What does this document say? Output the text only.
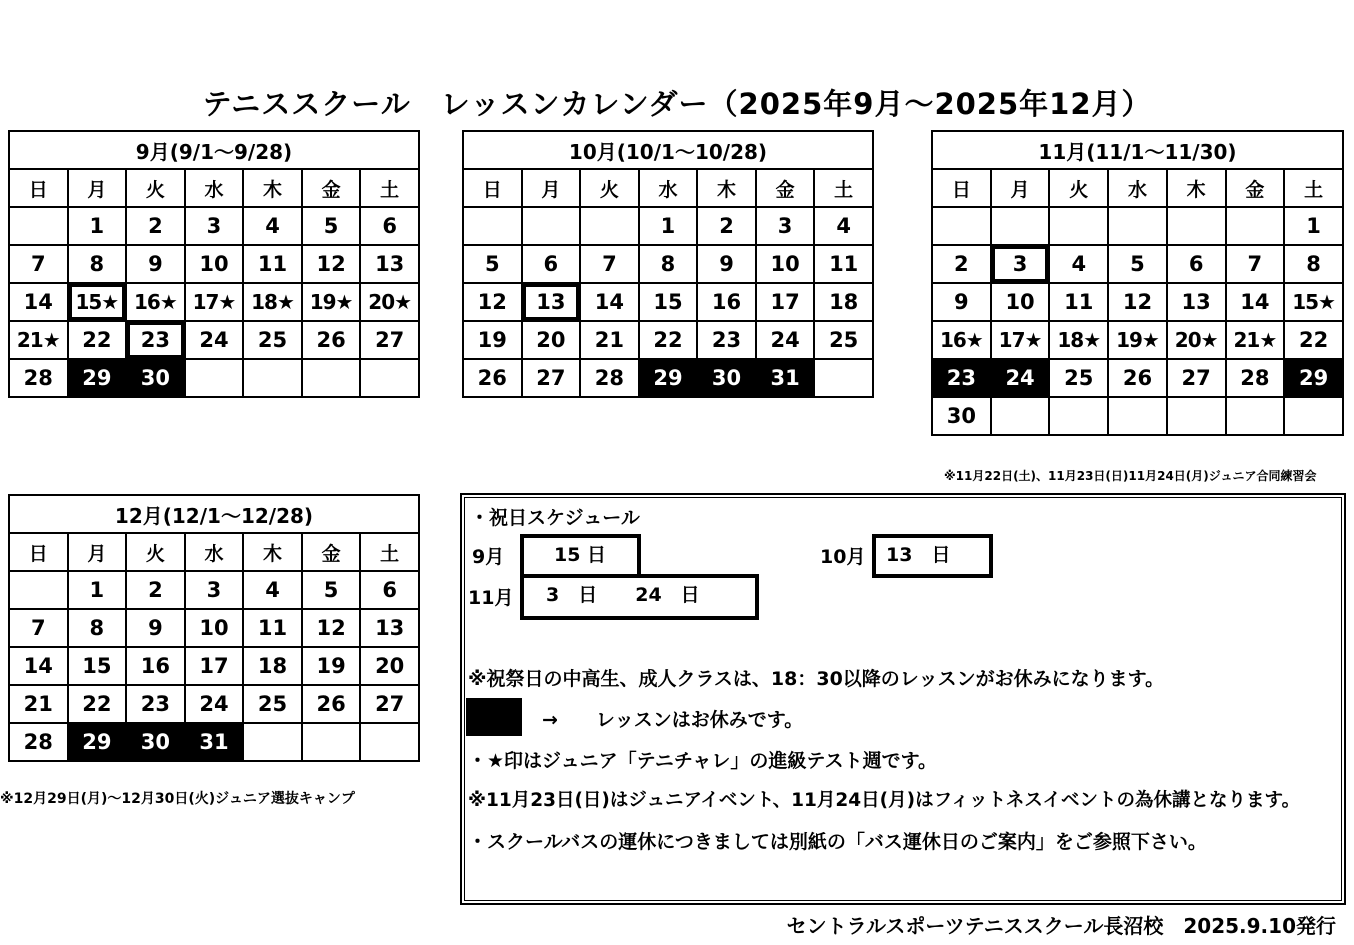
テニススクール　レッスンカレンダー（2025年9月～2025年12月）
9月(9/1～9/28)						
日	月	火	水	木	金	土
	1	2	3	4	5	6
7	8	9	10	11	12	13
14	15★	16★	17★	18★	19★	20★
21★	22	23	24	25	26	27
28	29	30				
10月(10/1～10/28)						
日	月	火	水	木	金	土
			1	2	3	4
5	6	7	8	9	10	11
12	13	14	15	16	17	18
19	20	21	22	23	24	25
26	27	28	29	30	31	
11月(11/1～11/30)						
日	月	火	水	木	金	土
						1
2	3	4	5	6	7	8
9	10	11	12	13	14	15★
16★	17★	18★	19★	20★	21★	22
23	24	25	26	27	28	29
30						
12月(12/1～12/28)						
日	月	火	水	木	金	土
	1	2	3	4	5	6
7	8	9	10	11	12	13
14	15	16	17	18	19	20
21	22	23	24	25	26	27
28	29	30	31			
※11月22日(土)、11月23日(日)11月24日(月)ジュニア合同練習会
※12月29日(月)～12月30日(火)ジュニア選抜キャンプ
・祝日スケジュール
9月	15 日	10月	13　日
11月	3　日　　24　日
※祝祭日の中高生、成人クラスは、18：30以降のレッスンがお休みになります。
→　　レッスンはお休みです。
・★印はジュニア「テニチャレ」の進級テスト週です。
※11月23日(日)はジュニアイベント、11月24日(月)はフィットネスイベントの為休講となります。
・スクールバスの運休につきましては別紙の「バス運休日のご案内」をご参照下さい。
セントラルスポーツテニススクール長沼校　2025.9.10発行
